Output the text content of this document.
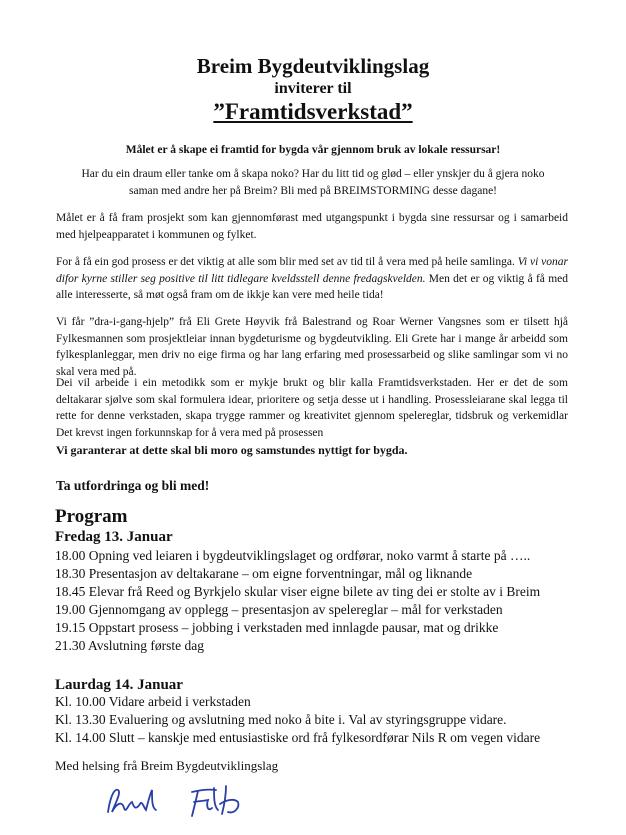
Breim Bygdeutviklingslag
inviterer til
”Framtidsverkstad”
Målet er å skape ei framtid for bygda vår gjennom bruk av lokale ressursar!
Har du ein draum eller tanke om å skapa noko? Har du litt tid og glød – eller ynskjer du å gjera noko
saman med andre her på Breim? Bli med på BREIMSTORMING desse dagane!
Målet er å få fram prosjekt som kan gjennomførast med utgangspunkt i bygda sine ressursar og i samarbeid med hjelpeapparatet i kommunen og fylket.
For å få ein god prosess er det viktig at alle som blir med set av tid til å vera med på heile samlinga. Vi vi vonar difor kyrne stiller seg positive til litt tidlegare kveldsstell denne fredagskvelden. Men det er og viktig å få med alle interesserte, så møt også fram om de ikkje kan vere med heile tida!
Vi får ”dra-i-gang-hjelp” frå Eli Grete Høyvik frå Balestrand og Roar Werner Vangsnes som er tilsett hjå Fylkesmannen som prosjektleiar innan bygdeturisme og bygdeutvikling. Eli Grete har i mange år arbeidd som fylkesplanleggar, men driv no eige firma og har lang erfaring med prosessarbeid og slike samlingar som vi no skal vera med på.
Dei vil arbeide i ein metodikk som er mykje brukt og blir kalla Framtidsverkstaden. Her er det de som deltakarar sjølve som skal formulera idear, prioritere og setja desse ut i handling. Prosessleiarane skal legga til rette for denne verkstaden, skapa trygge rammer og kreativitet gjennom spelereglar, tidsbruk og verkemidlar Det krevst ingen forkunnskap for å vera med på prosessen
Vi garanterar at dette skal bli moro og samstundes nyttigt for bygda.
Ta utfordringa og bli med!
Program
Fredag 13. Januar
18.00 Opning ved leiaren i bygdeutviklingslaget og ordførar, noko varmt å starte på …..
18.30 Presentasjon av deltakarane – om eigne forventningar, mål og liknande
18.45 Elevar frå Reed og Byrkjelo skular viser eigne bilete av ting dei er stolte av i Breim
19.00 Gjennomgang av opplegg – presentasjon av spelereglar – mål for verkstaden
19.15 Oppstart prosess – jobbing i verkstaden med innlagde pausar, mat og drikke
21.30 Avslutning første dag
Laurdag 14. Januar
Kl. 10.00 Vidare arbeid i verkstaden
Kl. 13.30 Evaluering og avslutning med noko å bite i. Val av styringsgruppe vidare.
Kl. 14.00 Slutt – kanskje med entusiastiske ord frå fylkesordførar Nils R om vegen vidare
Med helsing frå Breim Bygdeutviklingslag
